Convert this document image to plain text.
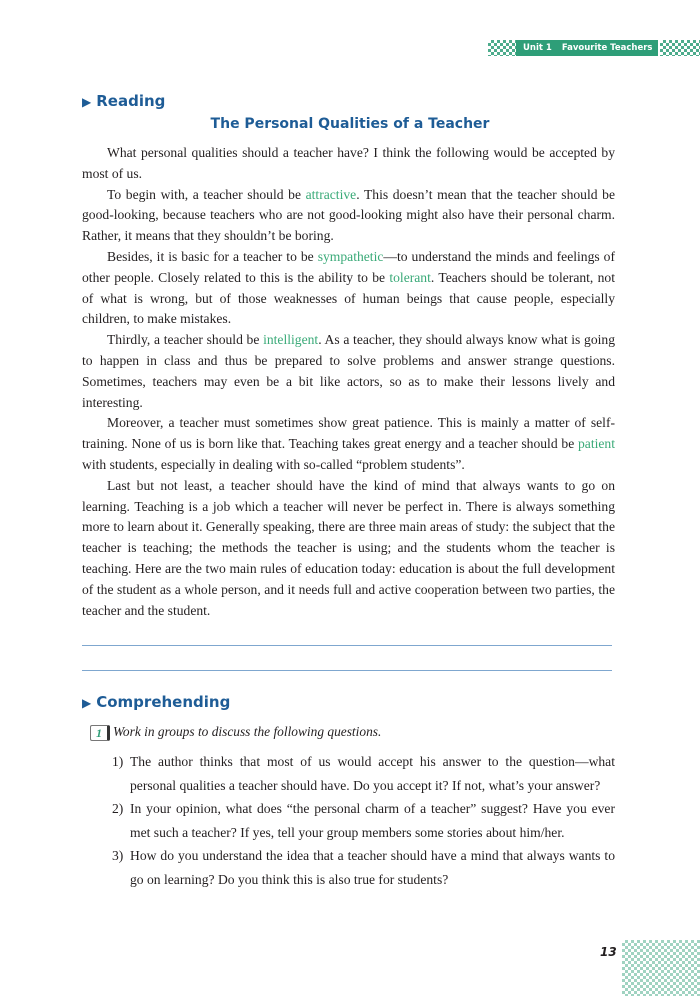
Unit 1 Favourite Teachers
▶ Reading
The Personal Qualities of a Teacher

What personal qualities should a teacher have? I think the following would be accepted by most of us.

To begin with, a teacher should be attractive. This doesn’t mean that the teacher should be good-looking, because teachers who are not good-looking might also have their personal charm. Rather, it means that they shouldn’t be boring.

Besides, it is basic for a teacher to be sympathetic—to understand the minds and feelings of other people. Closely related to this is the ability to be tolerant. Teachers should be tolerant, not of what is wrong, but of those weaknesses of human beings that cause people, especially children, to make mistakes.

Thirdly, a teacher should be intelligent. As a teacher, they should always know what is going to happen in class and thus be prepared to solve problems and answer strange questions. Sometimes, teachers may even be a bit like actors, so as to make their lessons lively and interesting.

Moreover, a teacher must sometimes show great patience. This is mainly a matter of self-training. None of us is born like that. Teaching takes great energy and a teacher should be patient with students, especially in dealing with so-called “problem students”.

Last but not least, a teacher should have the kind of mind that always wants to go on learning. Teaching is a job which a teacher will never be perfect in. There is always something more to learn about it. Generally speaking, there are three main areas of study: the subject that the teacher is teaching; the methods the teacher is using; and the students whom the teacher is teaching. Here are the two main rules of education today: education is about the full development of the student as a whole person, and it needs full and active cooperation between two parties, the teacher and the student.

▶ Comprehending
1 Work in groups to discuss the following questions.
1) The author thinks that most of us would accept his answer to the question—what personal qualities a teacher should have. Do you accept it? If not, what’s your answer?
2) In your opinion, what does “the personal charm of a teacher” suggest? Have you ever met such a teacher? If yes, tell your group members some stories about him/her.
3) How do you understand the idea that a teacher should have a mind that always wants to go on learning? Do you think this is also true for students?
13
